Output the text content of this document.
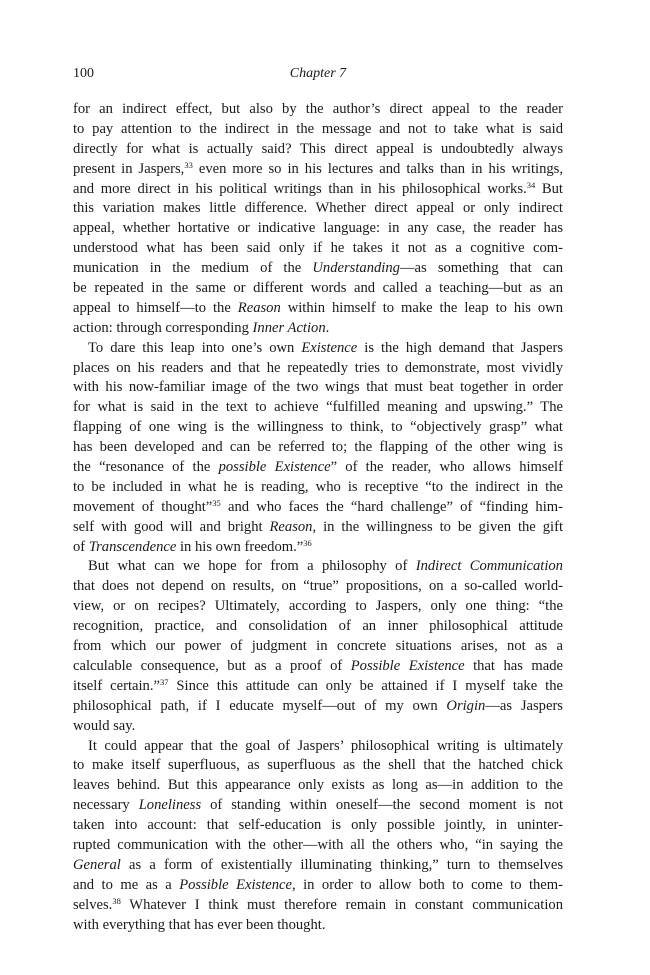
100	Chapter 7
for an indirect effect, but also by the author’s direct appeal to the reader
to pay attention to the indirect in the message and not to take what is said
directly for what is actually said? This direct appeal is undoubtedly always
present in Jaspers,$^{33}$ even more so in his lectures and talks than in his writings,
and more direct in his political writings than in his philosophical works.$^{34}$ But
this variation makes little difference. Whether direct appeal or only indirect
appeal, whether hortative or indicative language: in any case, the reader has
understood what has been said only if he takes it not as a cognitive com-
munication in the medium of the Understanding—as something that can
be repeated in the same or different words and called a teaching—but as an
appeal to himself—to the Reason within himself to make the leap to his own
action: through corresponding Inner Action.
To dare this leap into one’s own Existence is the high demand that Jaspers
places on his readers and that he repeatedly tries to demonstrate, most vividly
with his now-familiar image of the two wings that must beat together in order
for what is said in the text to achieve “fulfilled meaning and upswing.” The
flapping of one wing is the willingness to think, to “objectively grasp” what
has been developed and can be referred to; the flapping of the other wing is
the “resonance of the possible Existence” of the reader, who allows himself
to be included in what he is reading, who is receptive “to the indirect in the
movement of thought”$^{35}$ and who faces the “hard challenge” of “finding him-
self with good will and bright Reason, in the willingness to be given the gift
of Transcendence in his own freedom.”$^{36}$
But what can we hope for from a philosophy of Indirect Communication
that does not depend on results, on “true” propositions, on a so-called world-
view, or on recipes? Ultimately, according to Jaspers, only one thing: “the
recognition, practice, and consolidation of an inner philosophical attitude
from which our power of judgment in concrete situations arises, not as a
calculable consequence, but as a proof of Possible Existence that has made
itself certain.”$^{37}$ Since this attitude can only be attained if I myself take the
philosophical path, if I educate myself—out of my own Origin—as Jaspers
would say.
It could appear that the goal of Jaspers’ philosophical writing is ultimately
to make itself superfluous, as superfluous as the shell that the hatched chick
leaves behind. But this appearance only exists as long as—in addition to the
necessary Loneliness of standing within oneself—the second moment is not
taken into account: that self-education is only possible jointly, in uninter-
rupted communication with the other—with all the others who, “in saying the
General as a form of existentially illuminating thinking,” turn to themselves
and to me as a Possible Existence, in order to allow both to come to them-
selves.$^{38}$ Whatever I think must therefore remain in constant communication
with everything that has ever been thought.
